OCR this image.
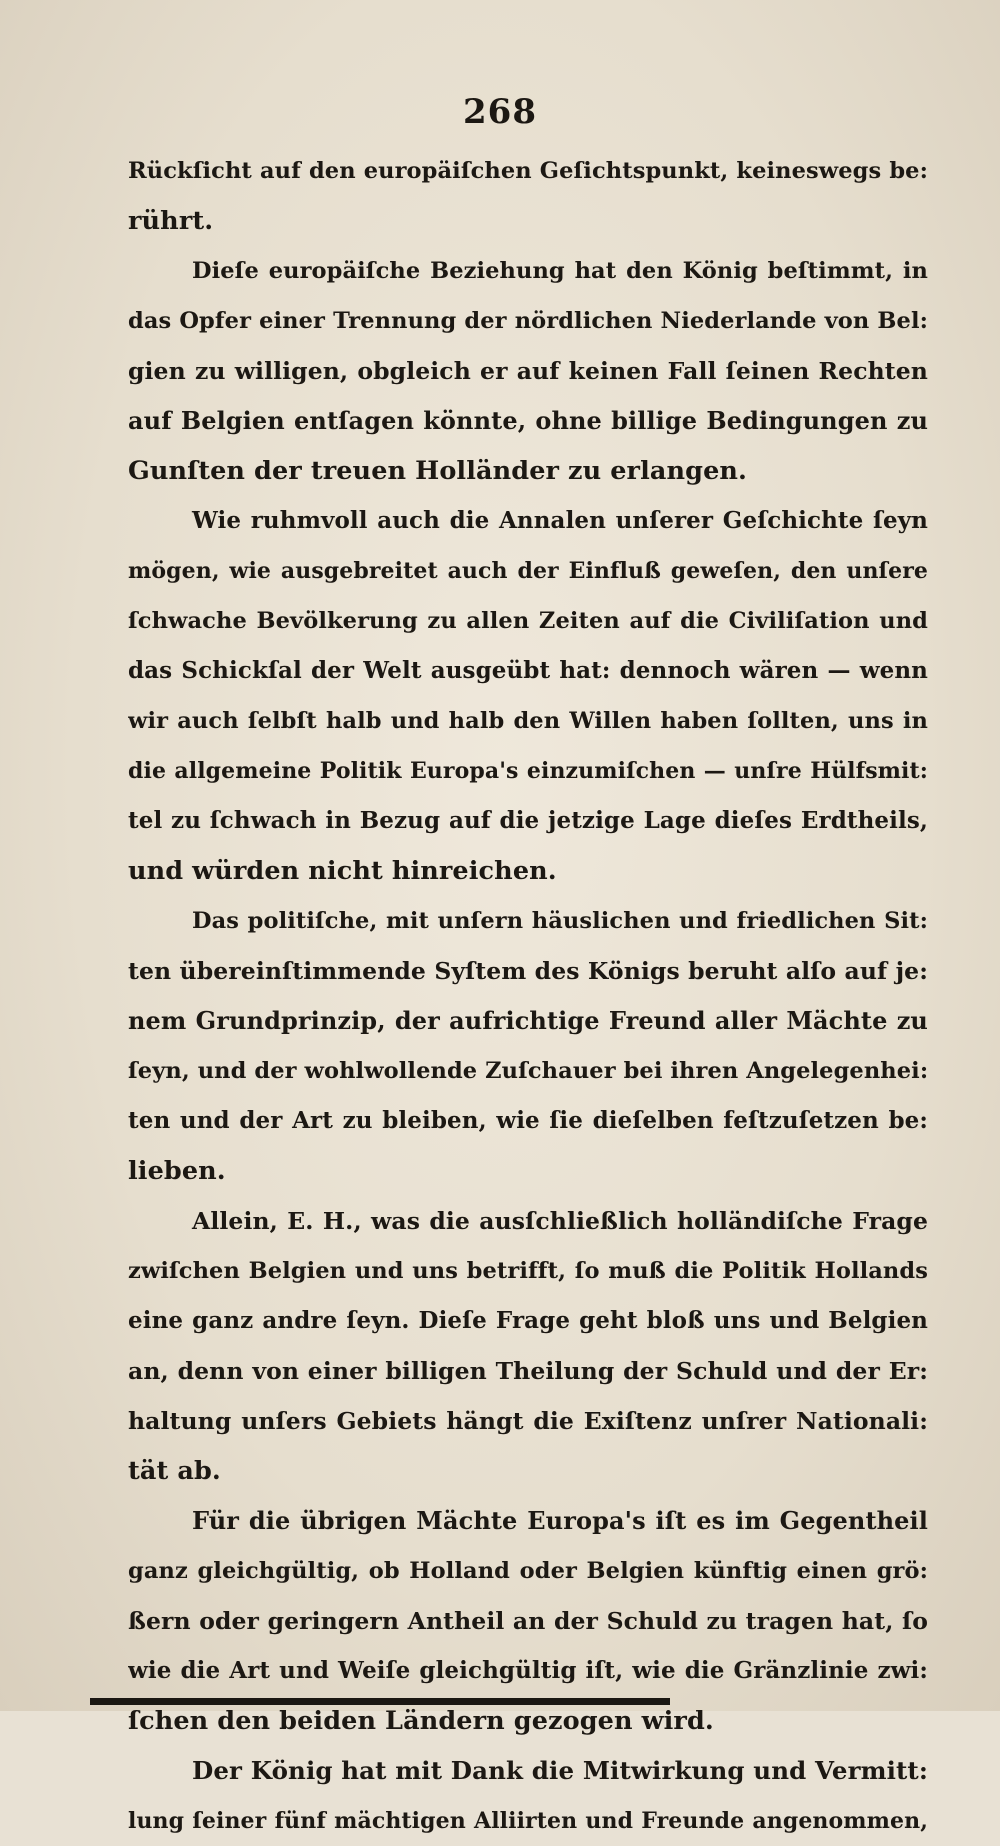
268
Rückſicht auf den europäiſchen Geſichtspunkt, keineswegs be:
rührt.
Dieſe europäiſche Beziehung hat den König beſtimmt, in
das Opfer einer Trennung der nördlichen Niederlande von Bel:
gien zu willigen, obgleich er auf keinen Fall ſeinen Rechten
auf Belgien entſagen könnte, ohne billige Bedingungen zu
Gunſten der treuen Holländer zu erlangen.
Wie ruhmvoll auch die Annalen unſerer Geſchichte ſeyn
mögen, wie ausgebreitet auch der Einfluß geweſen, den unſere
ſchwache Bevölkerung zu allen Zeiten auf die Civiliſation und
das Schickſal der Welt ausgeübt hat: dennoch wären — wenn
wir auch ſelbſt halb und halb den Willen haben ſollten, uns in
die allgemeine Politik Europa's einzumiſchen — unſre Hülfsmit:
tel zu ſchwach in Bezug auf die jetzige Lage dieſes Erdtheils,
und würden nicht hinreichen.
Das politiſche, mit unſern häuslichen und friedlichen Sit:
ten übereinſtimmende Syſtem des Königs beruht alſo auf je:
nem Grundprinzip, der aufrichtige Freund aller Mächte zu
ſeyn, und der wohlwollende Zuſchauer bei ihren Angelegenhei:
ten und der Art zu bleiben, wie ſie dieſelben feſtzuſetzen be:
lieben.
Allein, E. H., was die ausſchließlich holländiſche Frage
zwiſchen Belgien und uns betrifft, ſo muß die Politik Hollands
eine ganz andre ſeyn. Dieſe Frage geht bloß uns und Belgien
an, denn von einer billigen Theilung der Schuld und der Er:
haltung unſers Gebiets hängt die Exiſtenz unſrer Nationali:
tät ab.
Für die übrigen Mächte Europa's iſt es im Gegentheil
ganz gleichgültig, ob Holland oder Belgien künftig einen grö:
ßern oder geringern Antheil an der Schuld zu tragen hat, ſo
wie die Art und Weiſe gleichgültig iſt, wie die Gränzlinie zwi:
ſchen den beiden Ländern gezogen wird.
Der König hat mit Dank die Mitwirkung und Vermitt:
lung ſeiner fünf mächtigen Alliirten und Freunde angenommen,
